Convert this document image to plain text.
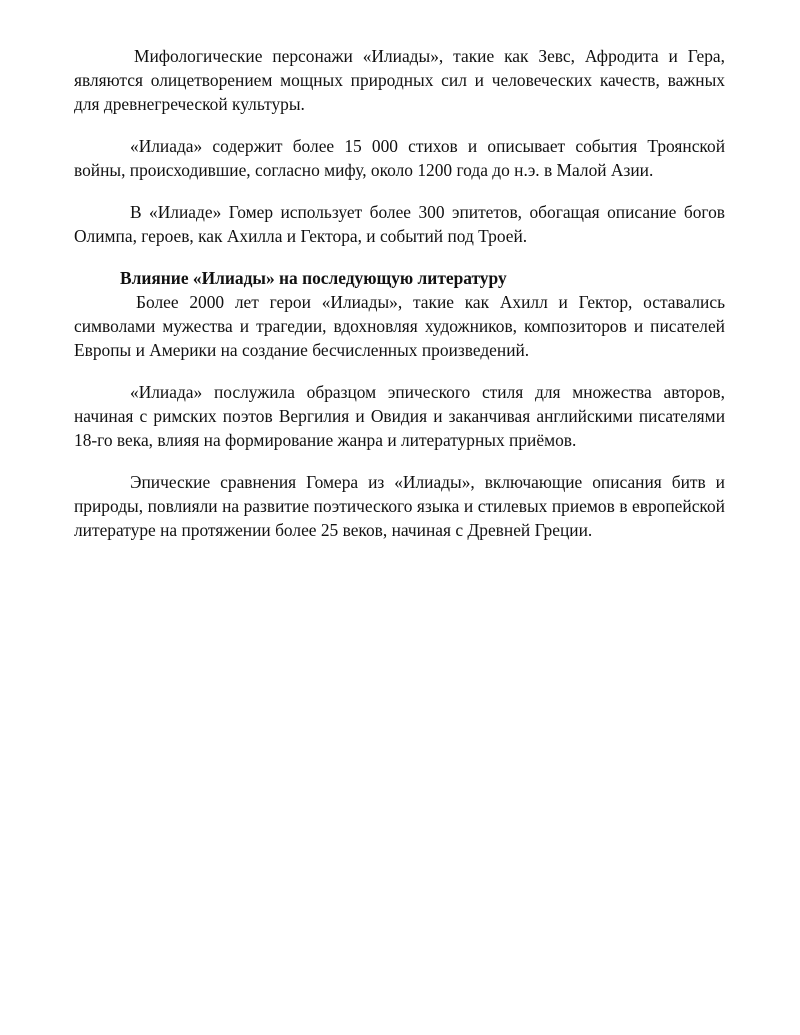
Мифологические персонажи «Илиады», такие как Зевс, Афродита и Гера, являются олицетворением мощных природных сил и человеческих качеств, важных для древнегреческой культуры.

«Илиада» содержит более 15 000 стихов и описывает события Троянской войны, происходившие, согласно мифу, около 1200 года до н.э. в Малой Азии.

В «Илиаде» Гомер использует более 300 эпитетов, обогащая описание богов Олимпа, героев, как Ахилла и Гектора, и событий под Троей.

Влияние «Илиады» на последующую литературу

Более 2000 лет герои «Илиады», такие как Ахилл и Гектор, оставались символами мужества и трагедии, вдохновляя художников, композиторов и писателей Европы и Америки на создание бесчисленных произведений.

«Илиада» послужила образцом эпического стиля для множества авторов, начиная с римских поэтов Вергилия и Овидия и заканчивая английскими писателями 18-го века, влияя на формирование жанра и литературных приёмов.

Эпические сравнения Гомера из «Илиады», включающие описания битв и природы, повлияли на развитие поэтического языка и стилевых приемов в европейской литературе на протяжении более 25 веков, начиная с Древней Греции.
